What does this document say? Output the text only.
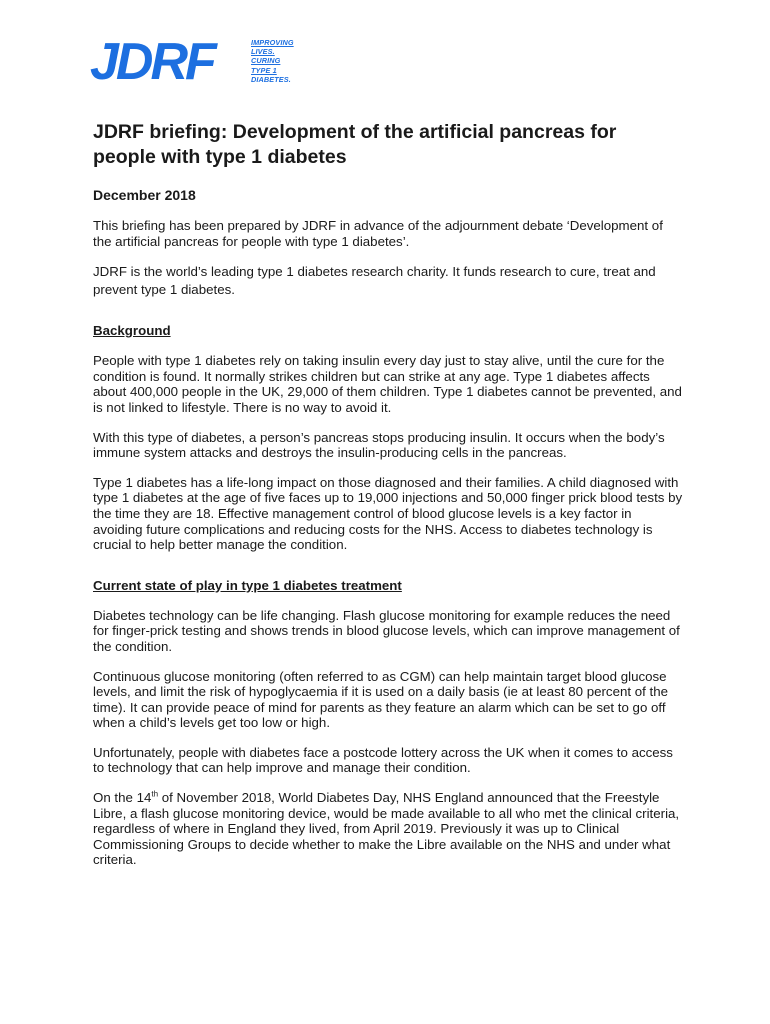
JDRF	IMPROVING
LIVES.
CURING
TYPE 1
DIABETES.
JDRF briefing: Development of the artificial pancreas for people with type 1 diabetes
December 2018

This briefing has been prepared by JDRF in advance of the adjournment debate ‘Development of the artificial pancreas for people with type 1 diabetes’.

JDRF is the world’s leading type 1 diabetes research charity. It funds research to cure, treat and prevent type 1 diabetes.

Background

People with type 1 diabetes rely on taking insulin every day just to stay alive, until the cure for the condition is found. It normally strikes children but can strike at any age. Type 1 diabetes affects about 400,000 people in the UK, 29,000 of them children. Type 1 diabetes cannot be prevented, and is not linked to lifestyle. There is no way to avoid it.

With this type of diabetes, a person’s pancreas stops producing insulin. It occurs when the body’s immune system attacks and destroys the insulin-producing cells in the pancreas.

Type 1 diabetes has a life-long impact on those diagnosed and their families. A child diagnosed with type 1 diabetes at the age of five faces up to 19,000 injections and 50,000 finger prick blood tests by the time they are 18. Effective management control of blood glucose levels is a key factor in avoiding future complications and reducing costs for the NHS. Access to diabetes technology is crucial to help better manage the condition.

Current state of play in type 1 diabetes treatment

Diabetes technology can be life changing. Flash glucose monitoring for example reduces the need for finger-prick testing and shows trends in blood glucose levels, which can improve management of the condition.

Continuous glucose monitoring (often referred to as CGM) can help maintain target blood glucose levels, and limit the risk of hypoglycaemia if it is used on a daily basis (ie at least 80 percent of the time). It can provide peace of mind for parents as they feature an alarm which can be set to go off when a child’s levels get too low or high.

Unfortunately, people with diabetes face a postcode lottery across the UK when it comes to access to technology that can help improve and manage their condition.

On the 14th of November 2018, World Diabetes Day, NHS England announced that the Freestyle Libre, a flash glucose monitoring device, would be made available to all who met the clinical criteria, regardless of where in England they lived, from April 2019. Previously it was up to Clinical Commissioning Groups to decide whether to make the Libre available on the NHS and under what criteria.
